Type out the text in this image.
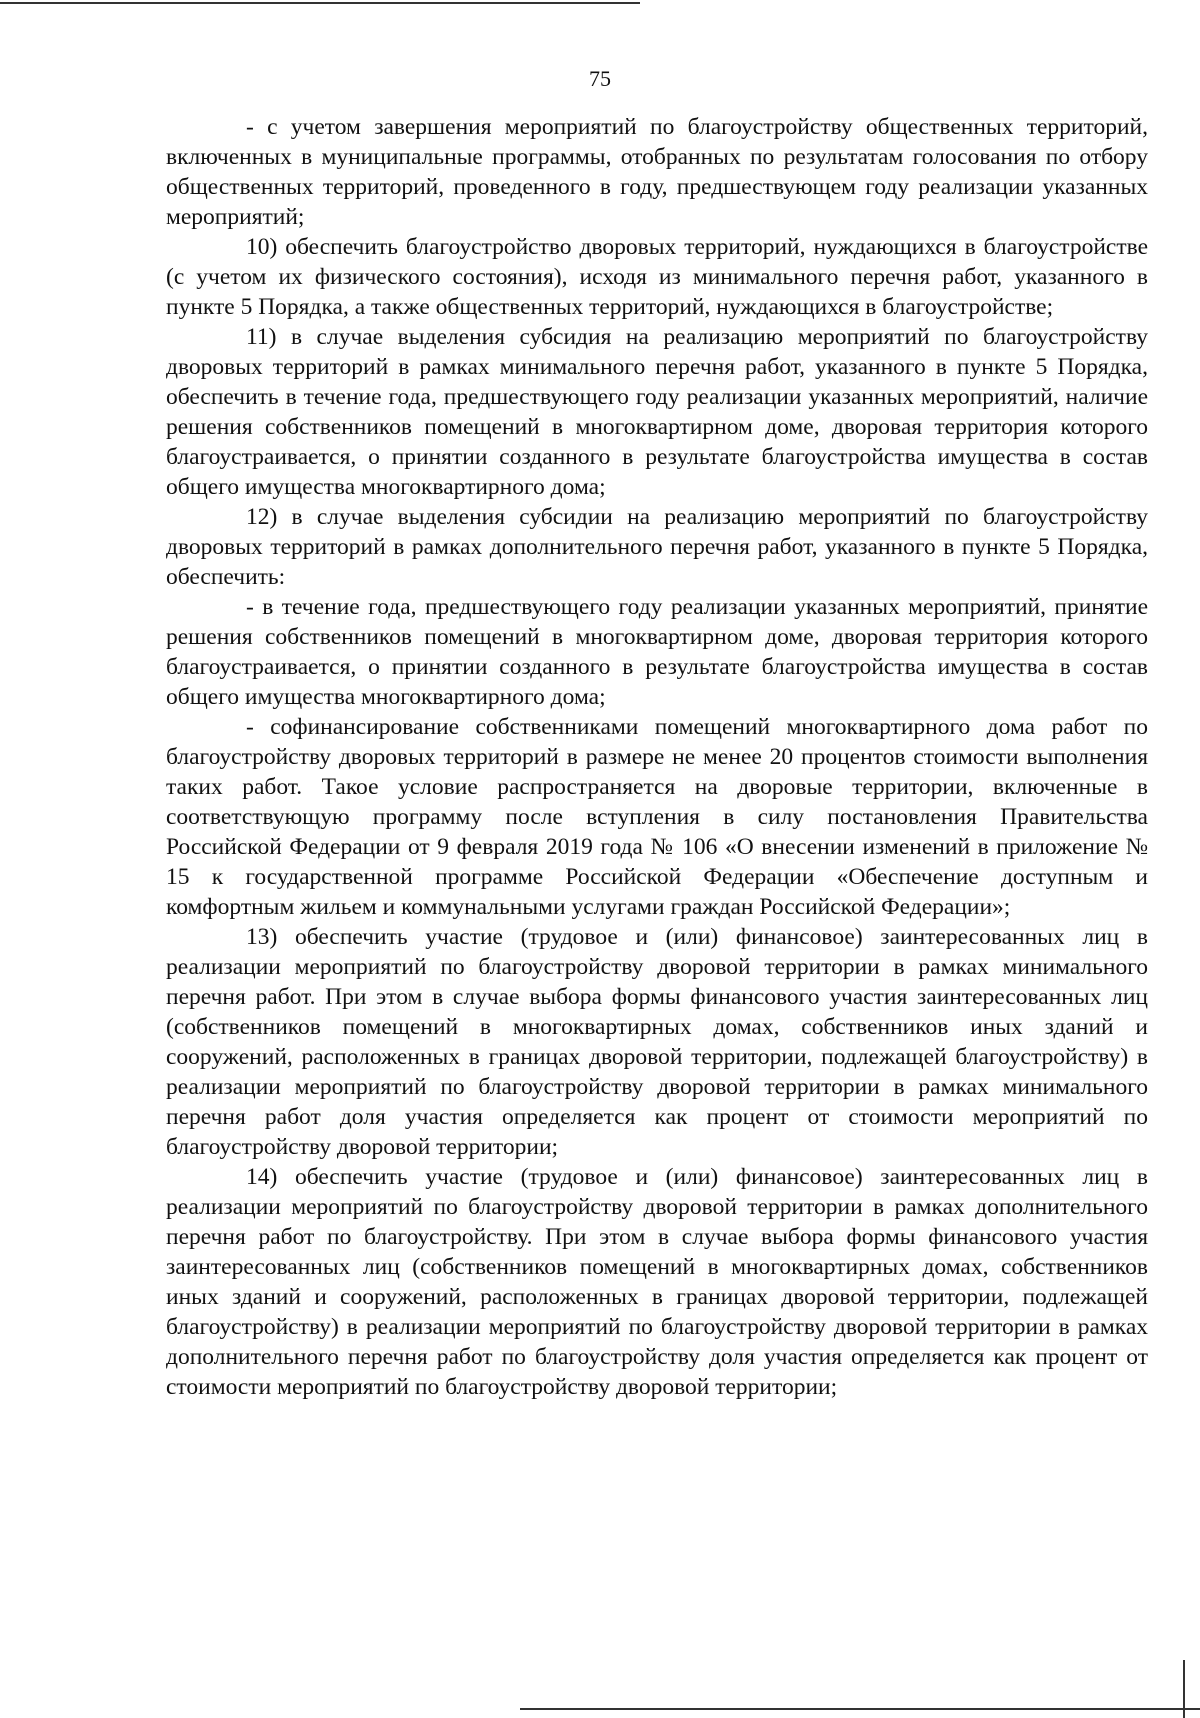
75

- с учетом завершения мероприятий по благоустройству общественных территорий, включенных в муниципальные программы, отобранных по результатам голосования по отбору общественных территорий, проведенного в году, предшествующем году реализации указанных мероприятий;

10) обеспечить благоустройство дворовых территорий, нуждающихся в благоустройстве (с учетом их физического состояния), исходя из минимального перечня работ, указанного в пункте 5 Порядка, а также общественных территорий, нуждающихся в благоустройстве;

11) в случае выделения субсидия на реализацию мероприятий по благоустройству дворовых территорий в рамках минимального перечня работ, указанного в пункте 5 Порядка, обеспечить в течение года, предшествующего году реализации указанных мероприятий, наличие решения собственников помещений в многоквартирном доме, дворовая территория которого благоустраивается, о принятии созданного в результате благоустройства имущества в состав общего имущества многоквартирного дома;

12) в случае выделения субсидии на реализацию мероприятий по благоустройству дворовых территорий в рамках дополнительного перечня работ, указанного в пункте 5 Порядка, обеспечить:

- в течение года, предшествующего году реализации указанных мероприятий, принятие решения собственников помещений в многоквартирном доме, дворовая территория которого благоустраивается, о принятии созданного в результате благоустройства имущества в состав общего имущества многоквартирного дома;

- софинансирование собственниками помещений многоквартирного дома работ по благоустройству дворовых территорий в размере не менее 20 процентов стоимости выполнения таких работ. Такое условие распространяется на дворовые территории, включенные в соответствующую программу после вступления в силу постановления Правительства Российской Федерации от 9 февраля 2019 года № 106 «О внесении изменений в приложение № 15 к государственной программе Российской Федерации «Обеспечение доступным и комфортным жильем и коммунальными услугами граждан Российской Федерации»;

13) обеспечить участие (трудовое и (или) финансовое) заинтересованных лиц в реализации мероприятий по благоустройству дворовой территории в рамках минимального перечня работ. При этом в случае выбора формы финансового участия заинтересованных лиц (собственников помещений в многоквартирных домах, собственников иных зданий и сооружений, расположенных в границах дворовой территории, подлежащей благоустройству) в реализации мероприятий по благоустройству дворовой территории в рамках минимального перечня работ доля участия определяется как процент от стоимости мероприятий по благоустройству дворовой территории;

14) обеспечить участие (трудовое и (или) финансовое) заинтересованных лиц в реализации мероприятий по благоустройству дворовой территории в рамках дополнительного перечня работ по благоустройству. При этом в случае выбора формы финансового участия заинтересованных лиц (собственников помещений в многоквартирных домах, собственников иных зданий и сооружений, расположенных в границах дворовой территории, подлежащей благоустройству) в реализации мероприятий по благоустройству дворовой территории в рамках дополнительного перечня работ по благоустройству доля участия определяется как процент от стоимости мероприятий по благоустройству дворовой территории;
